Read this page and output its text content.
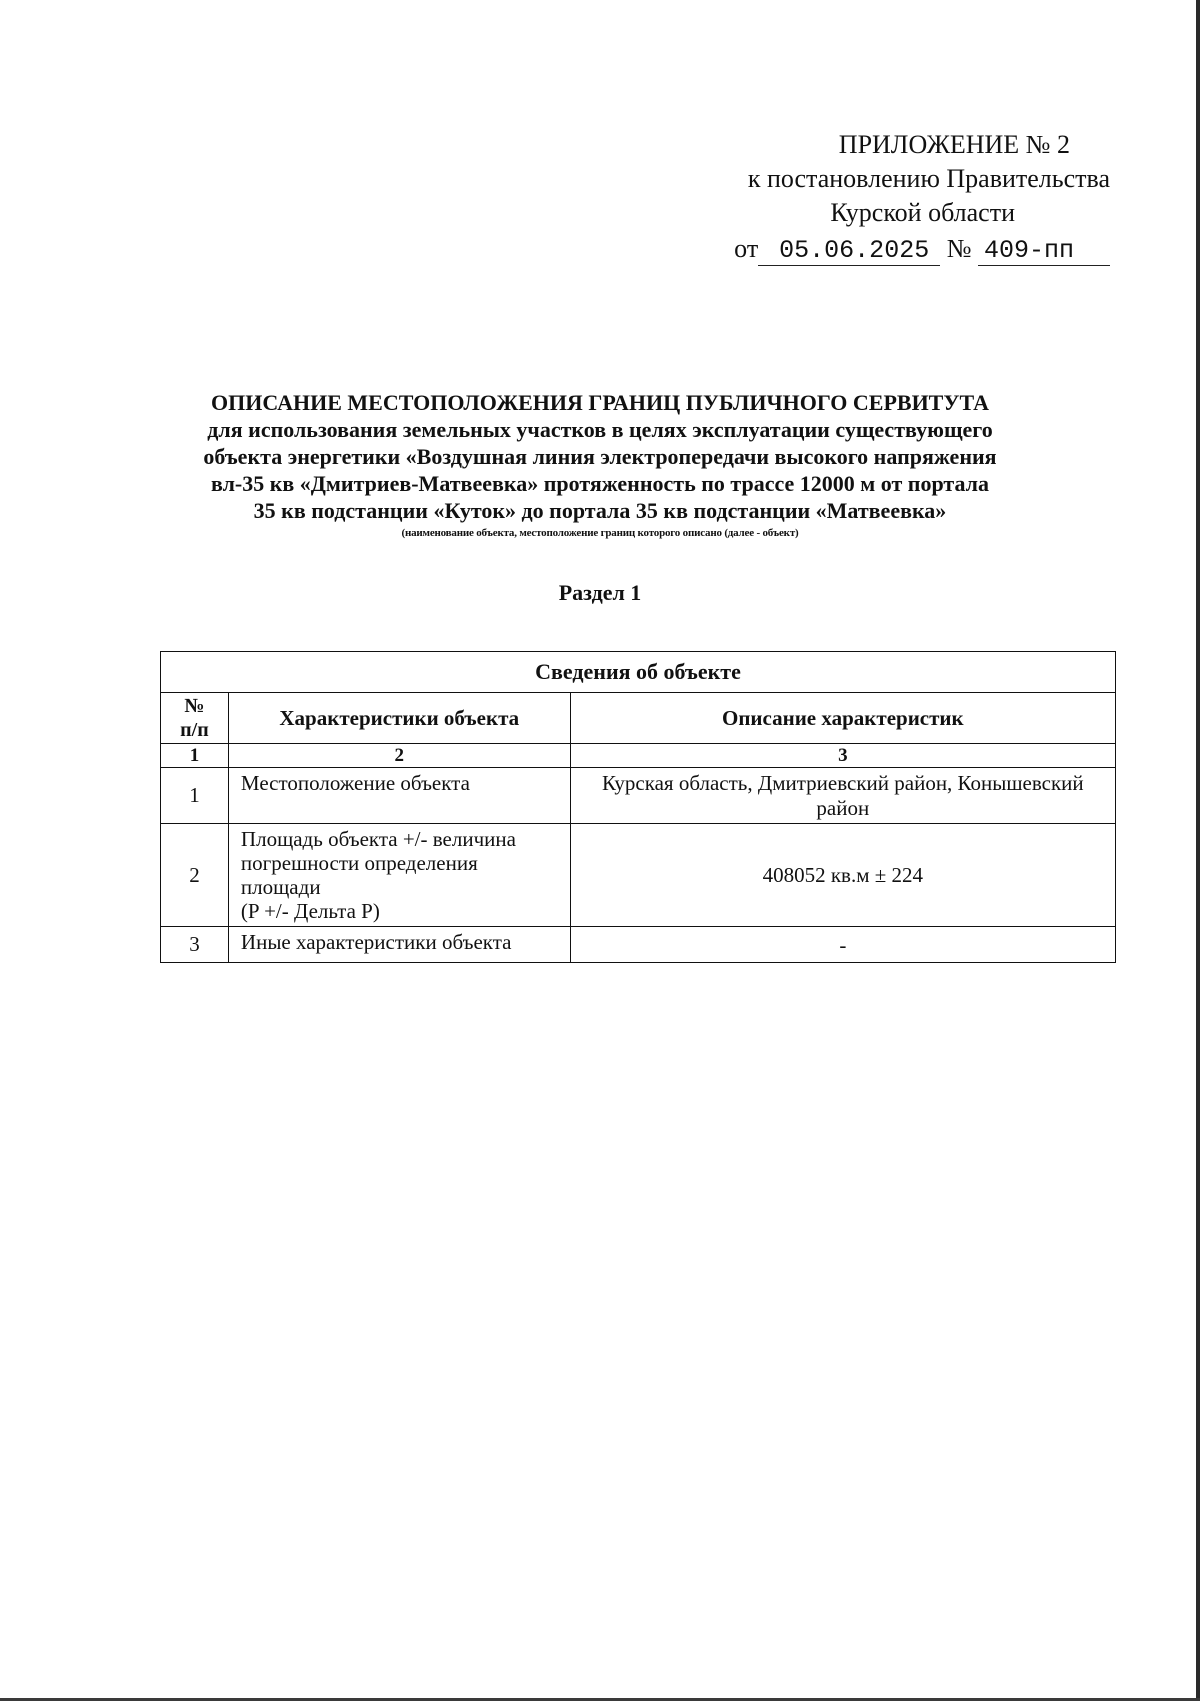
ПРИЛОЖЕНИЕ № 2
к постановлению Правительства
Курской области
от 05.06.2025 № 409-пп
ОПИСАНИЕ МЕСТОПОЛОЖЕНИЯ ГРАНИЦ ПУБЛИЧНОГО СЕРВИТУТА
для использования земельных участков в целях эксплуатации существующего
объекта энергетики «Воздушная линия электропередачи высокого напряжения
вл-35 кв «Дмитриев-Матвеевка» протяженность по трассе 12000 м от портала
35 кв подстанции «Куток» до портала 35 кв подстанции «Матвеевка»
(наименование объекта, местоположение границ которого описано (далее - объект)
Раздел 1
Сведения об объекте		
№
п/п	Характеристики объекта	Описание характеристик
1	2	3
1	Местоположение объекта	Курская область, Дмитриевский район, Конышевский район
2	Площадь объекта +/- величина
погрешности определения
площади
(P +/- Дельта P)	408052 кв.м ± 224
3	Иные характеристики объекта	-
